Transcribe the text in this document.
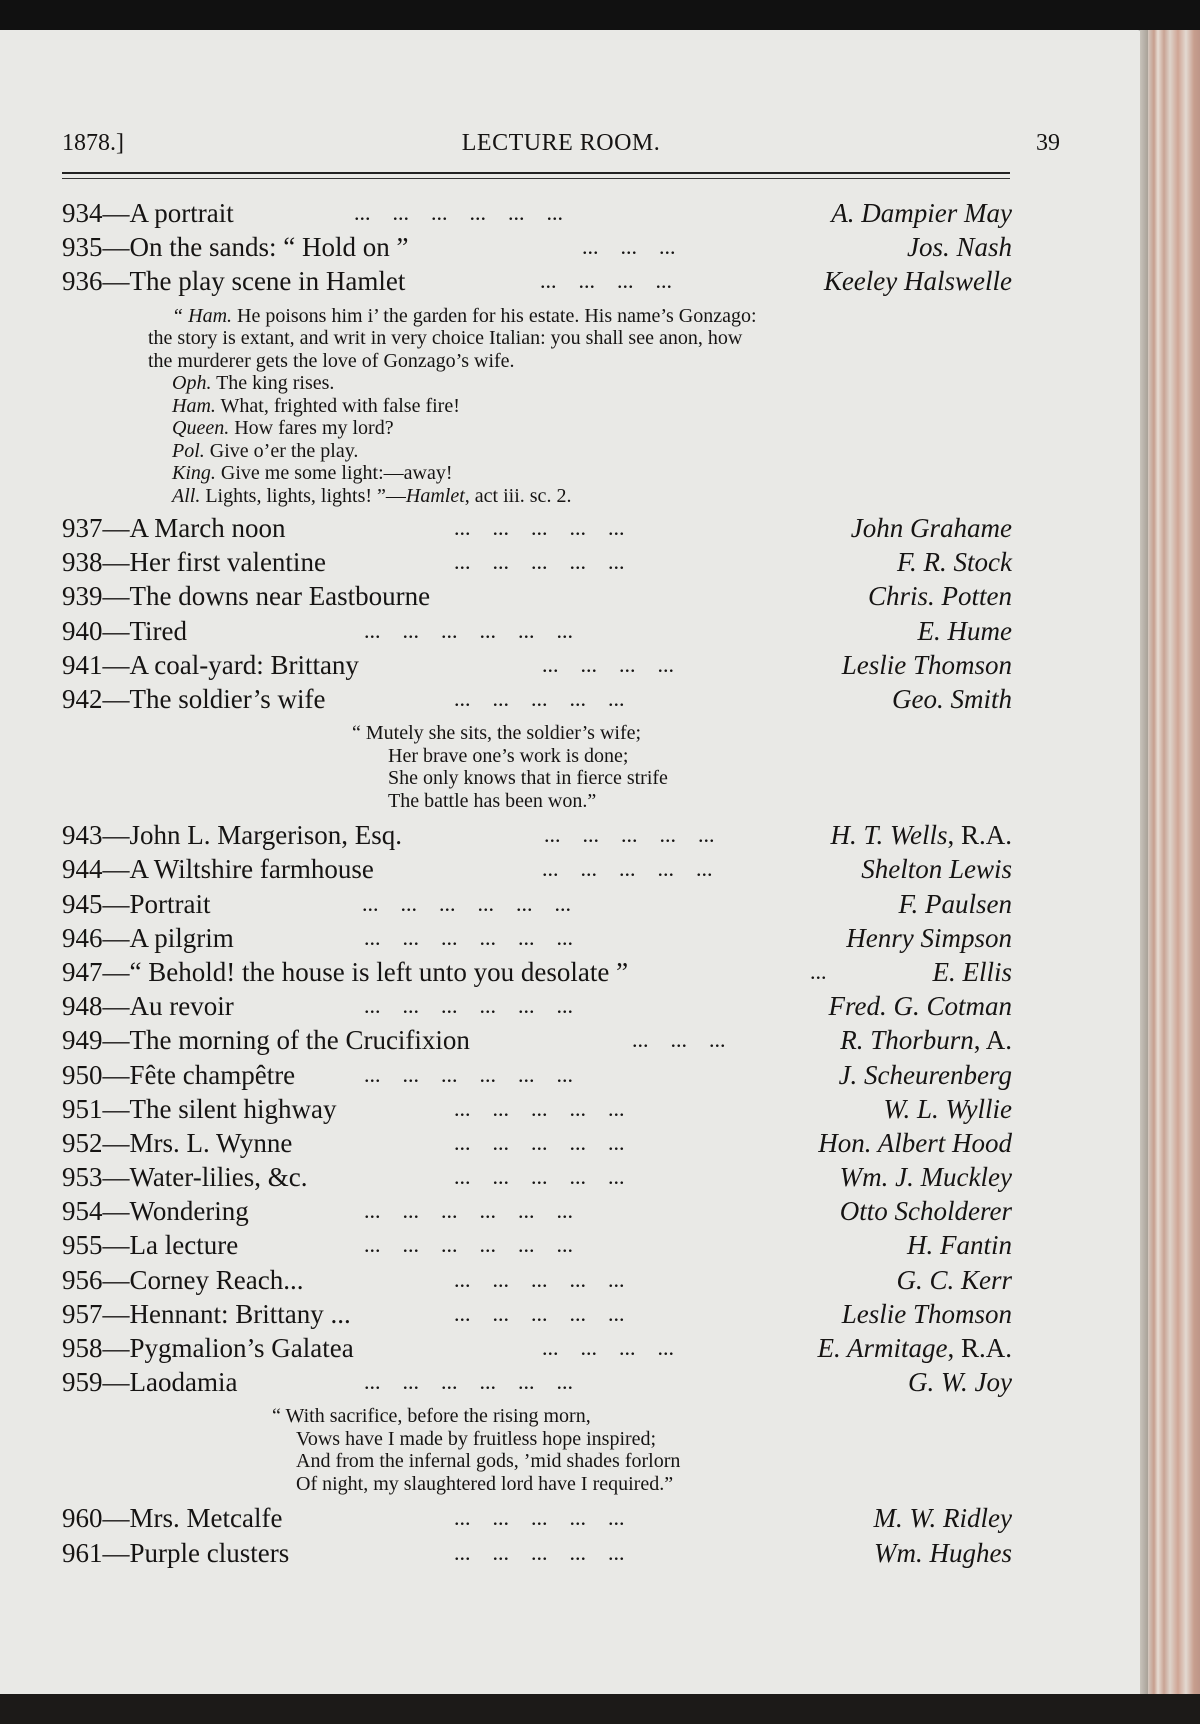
1878.]	LECTURE ROOM.	39
934—A portrait	...    ...    ...    ...    ...    ...	A. Dampier May
935—On the sands: “ Hold on ”	...    ...    ...	Jos. Nash
936—The play scene in Hamlet	...    ...    ...    ...	Keeley Halswelle
“ Ham. He poisons him i’ the garden for his estate. His name’s Gonzago:
the story is extant, and writ in very choice Italian: you shall see anon, how
the murderer gets the love of Gonzago’s wife.
Oph. The king rises.
Ham. What, frighted with false fire!
Queen. How fares my lord?
Pol. Give o’er the play.
King. Give me some light:—away!
All. Lights, lights, lights! ”—Hamlet, act iii. sc. 2.
937—A March noon	...    ...    ...    ...    ...	John Grahame
938—Her first valentine	...    ...    ...    ...    ...	F. R. Stock
939—The downs near Eastbourne	Chris. Potten
940—Tired	...    ...    ...    ...    ...    ...	E. Hume
941—A coal-yard: Brittany	...    ...    ...    ...	Leslie Thomson
942—The soldier’s wife	...    ...    ...    ...    ...	Geo. Smith
“ Mutely she sits, the soldier’s wife;
Her brave one’s work is done;
She only knows that in fierce strife
The battle has been won.”
943—John L. Margerison, Esq.	...    ...    ...    ...    ...	H. T. Wells, R.A.
944—A Wiltshire farmhouse	...    ...    ...    ...    ...	Shelton Lewis
945—Portrait	...    ...    ...    ...    ...    ...	F. Paulsen
946—A pilgrim	...    ...    ...    ...    ...    ...	Henry Simpson
947—“ Behold! the house is left unto you desolate ”	...	E. Ellis
948—Au revoir	...    ...    ...    ...    ...    ...	Fred. G. Cotman
949—The morning of the Crucifixion	...    ...    ...	R. Thorburn, A.
950—Fête champêtre	...    ...    ...    ...    ...    ...	J. Scheurenberg
951—The silent highway	...    ...    ...    ...    ...	W. L. Wyllie
952—Mrs. L. Wynne	...    ...    ...    ...    ...	Hon. Albert Hood
953—Water-lilies, &c.	...    ...    ...    ...    ...	Wm. J. Muckley
954—Wondering	...    ...    ...    ...    ...    ...	Otto Scholderer
955—La lecture	...    ...    ...    ...    ...    ...	H. Fantin
956—Corney Reach...	...    ...    ...    ...    ...	G. C. Kerr
957—Hennant: Brittany ...	...    ...    ...    ...    ...	Leslie Thomson
958—Pygmalion’s Galatea	...    ...    ...    ...	E. Armitage, R.A.
959—Laodamia	...    ...    ...    ...    ...    ...	G. W. Joy
“ With sacrifice, before the rising morn,
Vows have I made by fruitless hope inspired;
And from the infernal gods, ’mid shades forlorn
Of night, my slaughtered lord have I required.”
960—Mrs. Metcalfe	...    ...    ...    ...    ...	M. W. Ridley
961—Purple clusters	...    ...    ...    ...    ...	Wm. Hughes
